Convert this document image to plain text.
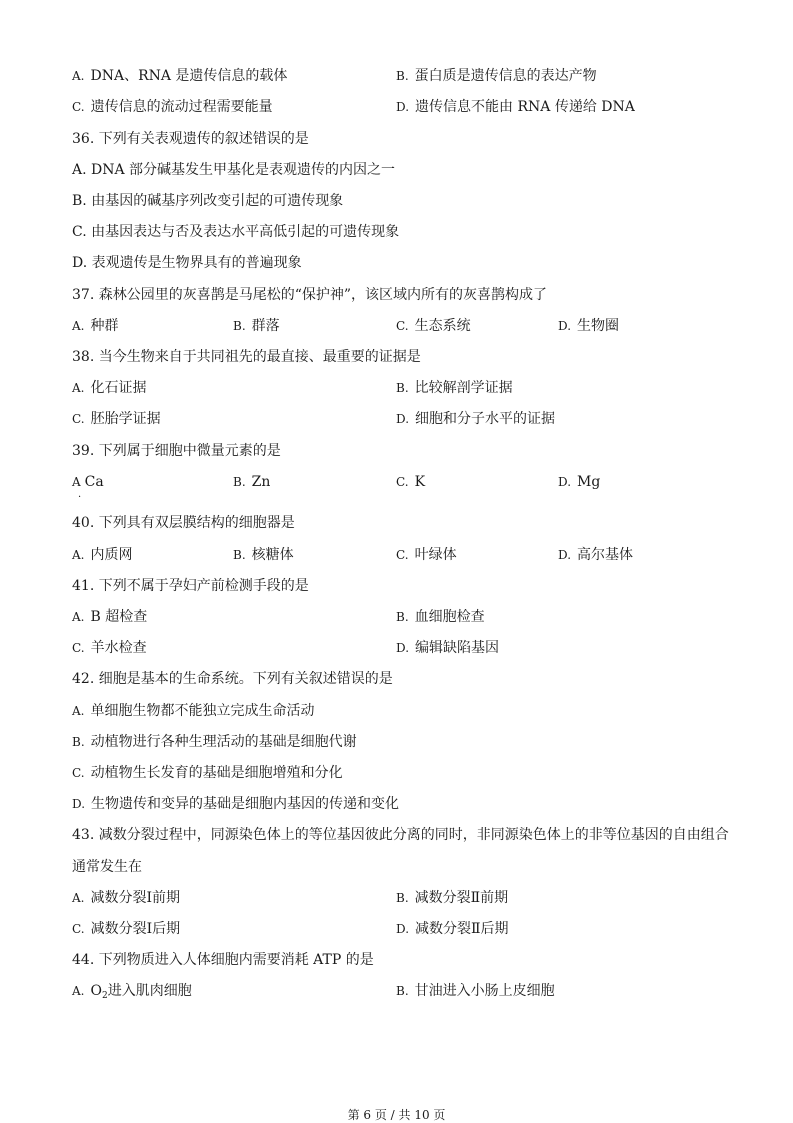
A. DNA、RNA 是遗传信息的载体	B. 蛋白质是遗传信息的表达产物
C. 遗传信息的流动过程需要能量	D. 遗传信息不能由 RNA 传递给 DNA
36. 下列有关表观遗传的叙述错误的是
A. DNA 部分碱基发生甲基化是表观遗传的内因之一
B. 由基因的碱基序列改变引起的可遗传现象
C. 由基因表达与否及表达水平高低引起的可遗传现象
D. 表观遗传是生物界具有的普遍现象
37. 森林公园里的灰喜鹊是马尾松的“保护神”，该区域内所有的灰喜鹊构成了
A. 种群	B. 群落	C. 生态系统	D. 生物圈
38. 当今生物来自于共同祖先的最直接、最重要的证据是
A. 化石证据	B. 比较解剖学证据
C. 胚胎学证据	D. 细胞和分子水平的证据
39. 下列属于细胞中微量元素的是
A Ca	B. Zn	C. K	D. Mg
·
40. 下列具有双层膜结构的细胞器是
A. 内质网	B. 核糖体	C. 叶绿体	D. 高尔基体
41. 下列不属于孕妇产前检测手段的是
A. B 超检查	B. 血细胞检查
C. 羊水检查	D. 编辑缺陷基因
42. 细胞是基本的生命系统。下列有关叙述错误的是
A. 单细胞生物都不能独立完成生命活动
B. 动植物进行各种生理活动的基础是细胞代谢
C. 动植物生长发育的基础是细胞增殖和分化
D. 生物遗传和变异的基础是细胞内基因的传递和变化
43. 减数分裂过程中，同源染色体上的等位基因彼此分离的同时，非同源染色体上的非等位基因的自由组合
通常发生在
A. 减数分裂Ⅰ前期	B. 减数分裂Ⅱ前期
C. 减数分裂Ⅰ后期	D. 减数分裂Ⅱ后期
44. 下列物质进入人体细胞内需要消耗 ATP 的是
A. $O_2$进入肌肉细胞	B. 甘油进入小肠上皮细胞
第 6 页 / 共 10 页
